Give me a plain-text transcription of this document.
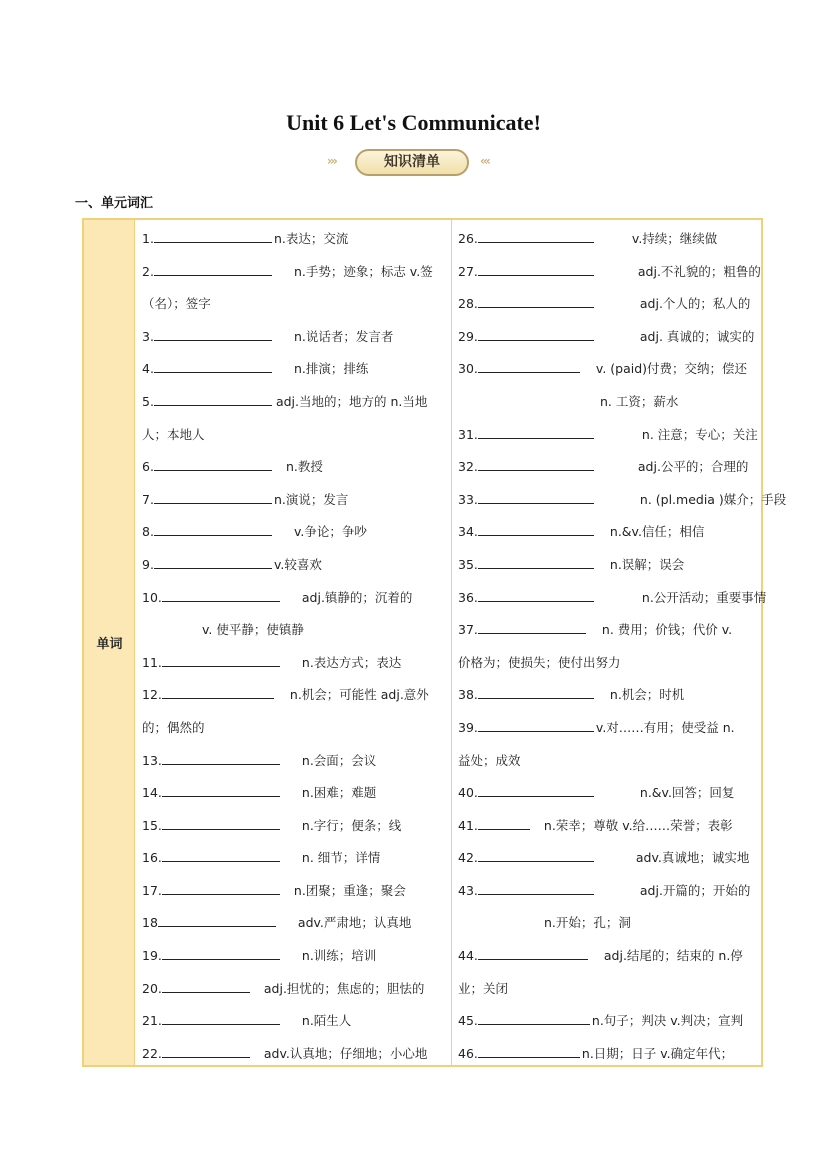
Unit 6 Let's Communicate!
›››	知识清单	‹‹‹
一、单元词汇
单词
1.	n.表达；交流
2.	n.手势；迹象；标志 v.签
（名）；签字
3.	n.说话者；发言者
4.	n.排演；排练
5.	adj.当地的；地方的 n.当地
人；本地人
6.	n.教授
7.	n.演说；发言
8.	v.争论；争吵
9.	v.较喜欢
10.	adj.镇静的；沉着的
v. 使平静；使镇静
11.	n.表达方式；表达
12.	n.机会；可能性 adj.意外
的；偶然的
13.	n.会面；会议
14.	n.困难；难题
15.	n.字行；便条；线
16.	n. 细节；详情
17.	n.团聚；重逢；聚会
18	adv.严肃地；认真地
19.	n.训练；培训
20.	adj.担忧的；焦虑的；胆怯的
21.	n.陌生人
22.	adv.认真地；仔细地；小心地
26.	v.持续；继续做
27.	adj.不礼貌的；粗鲁的
28.	adj.个人的；私人的
29.	adj. 真诚的；诚实的
30.	v. (paid)付费；交纳；偿还
n. 工资；薪水
31.	n. 注意；专心；关注
32.	adj.公平的；合理的
33.	n. (pl.media )媒介；手段
34.	n.&v.信任；相信
35.	n.误解；误会
36.	n.公开活动；重要事情
37.	n. 费用；价钱；代价 v.
价格为；使损失；使付出努力
38.	n.机会；时机
39.	v.对……有用；使受益 n.
益处；成效
40.	n.&v.回答；回复
41.	n.荣幸；尊敬 v.给……荣誉；表彰
42.	adv.真诚地；诚实地
43.	adj.开篇的；开始的
n.开始；孔；洞
44.	adj.结尾的；结束的 n.停
业；关闭
45.	n.句子；判决 v.判决；宣判
46.	n.日期；日子 v.确定年代；
